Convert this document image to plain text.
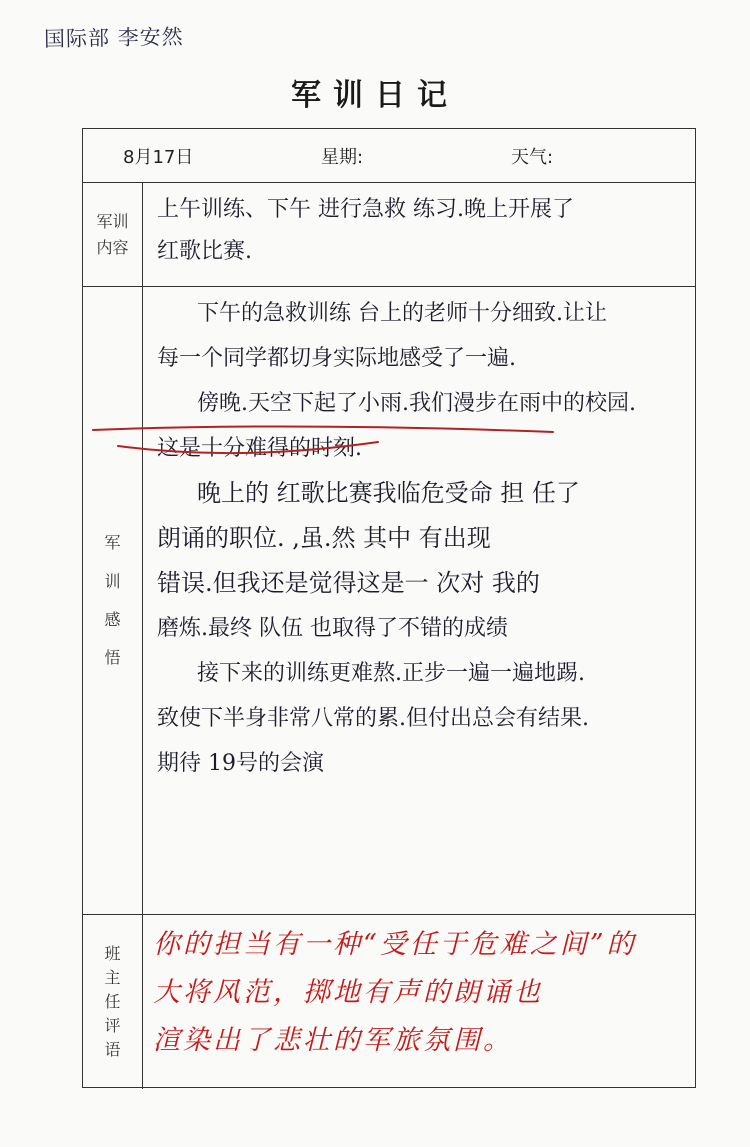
国际部 李安然
军训日记
8月17日	星期:	天气:
军训
内容

上午训练、下午 进行急救 练习.晚上开展了

红歌比赛.

军

训

感

悟

下午的急救训练 台上的老师十分细致.让让

每一个同学都切身实际地感受了一遍.

傍晚.天空下起了小雨.我们漫步在雨中的校园.

这是十分难得的时刻.

晚上的 红歌比赛我临危受命 担 任了

朗诵的职位. ,虽.然 其中 有出现

错误.但我还是觉得这是一 次对 我的

磨炼.最终 队伍 也取得了不错的成绩

接下来的训练更难熬.正步一遍一遍地踢.

致使下半身非常八常的累.但付出总会有结果.

期待 19号的会演

班
主
任
评
语

你的担当有一种“受任于危难之间”的

大将风范，掷地有声的朗诵也

渲染出了悲壮的军旅氛围。
